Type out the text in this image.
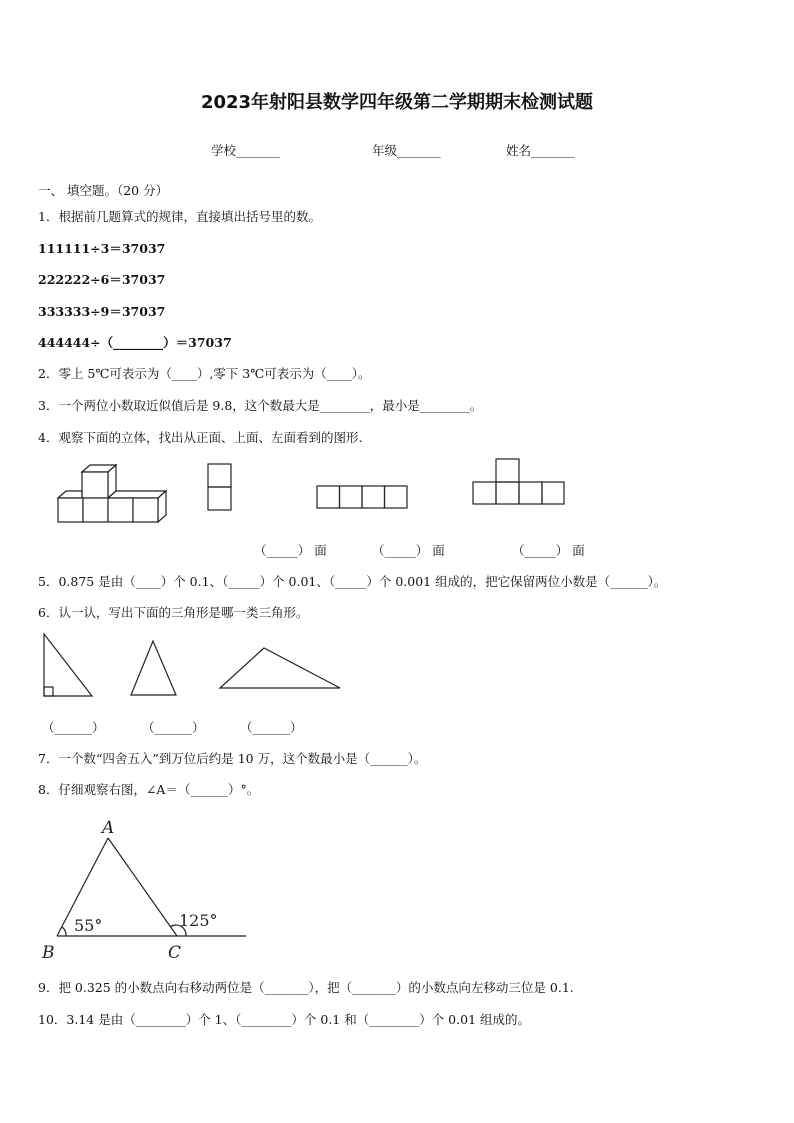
2023年射阳县数学四年级第二学期期末检测试题
学校_______	年级_______	姓名_______
一、 填空题。（20 分）
1．根据前几题算式的规律，直接填出括号里的数。
111111÷3＝37037
222222÷6＝37037
333333÷9＝37037
444444÷（________）＝37037
2．零上 5℃可表示为（____）,零下 3℃可表示为（____）。
3．一个两位小数取近似值后是 9.8，这个数最大是________，最小是________。
4．观察下面的立体，找出从正面、上面、左面看到的图形.
（_____） 面	（_____） 面	（_____） 面
5．0.875 是由（____）个 0.1、（_____）个 0.01、（_____）个 0.001 组成的，把它保留两位小数是（______）。
6．认一认，写出下面的三角形是哪一类三角形。
（______）	（______）	（______）
7．一个数“四舍五入”到万位后约是 10 万，这个数最小是（______）。
8．仔细观察右图，∠A＝（______）°。
A
B	C
55°	125°
9．把 0.325 的小数点向右移动两位是（_______），把（_______）的小数点向左移动三位是 0.1.
10．3.14 是由（________）个 1、（________）个 0.1 和（________）个 0.01 组成的。
